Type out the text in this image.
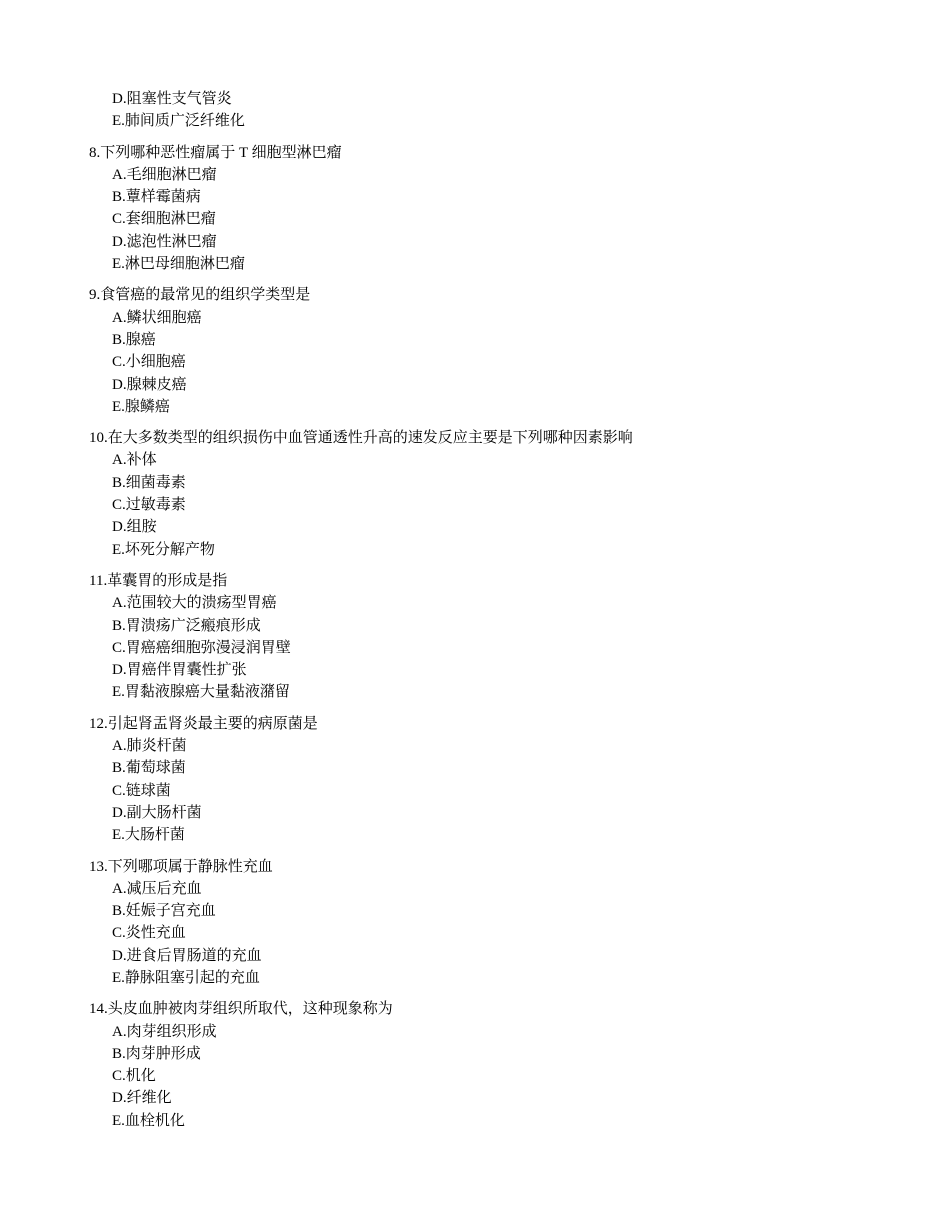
D.阻塞性支气管炎
E.肺间质广泛纤维化
8.下列哪种恶性瘤属于 T 细胞型淋巴瘤
A.毛细胞淋巴瘤
B.蕈样霉菌病
C.套细胞淋巴瘤
D.滤泡性淋巴瘤
E.淋巴母细胞淋巴瘤
9.食管癌的最常见的组织学类型是
A.鳞状细胞癌
B.腺癌
C.小细胞癌
D.腺棘皮癌
E.腺鳞癌
10.在大多数类型的组织损伤中血管通透性升高的速发反应主要是下列哪种因素影响
A.补体
B.细菌毒素
C.过敏毒素
D.组胺
E.坏死分解产物
11.革囊胃的形成是指
A.范围较大的溃疡型胃癌
B.胃溃疡广泛瘢痕形成
C.胃癌癌细胞弥漫浸润胃壁
D.胃癌伴胃囊性扩张
E.胃黏液腺癌大量黏液潴留
12.引起肾盂肾炎最主要的病原菌是
A.肺炎杆菌
B.葡萄球菌
C.链球菌
D.副大肠杆菌
E.大肠杆菌
13.下列哪项属于静脉性充血
A.减压后充血
B.妊娠子宫充血
C.炎性充血
D.进食后胃肠道的充血
E.静脉阻塞引起的充血
14.头皮血肿被肉芽组织所取代，这种现象称为
A.肉芽组织形成
B.肉芽肿形成
C.机化
D.纤维化
E.血栓机化
